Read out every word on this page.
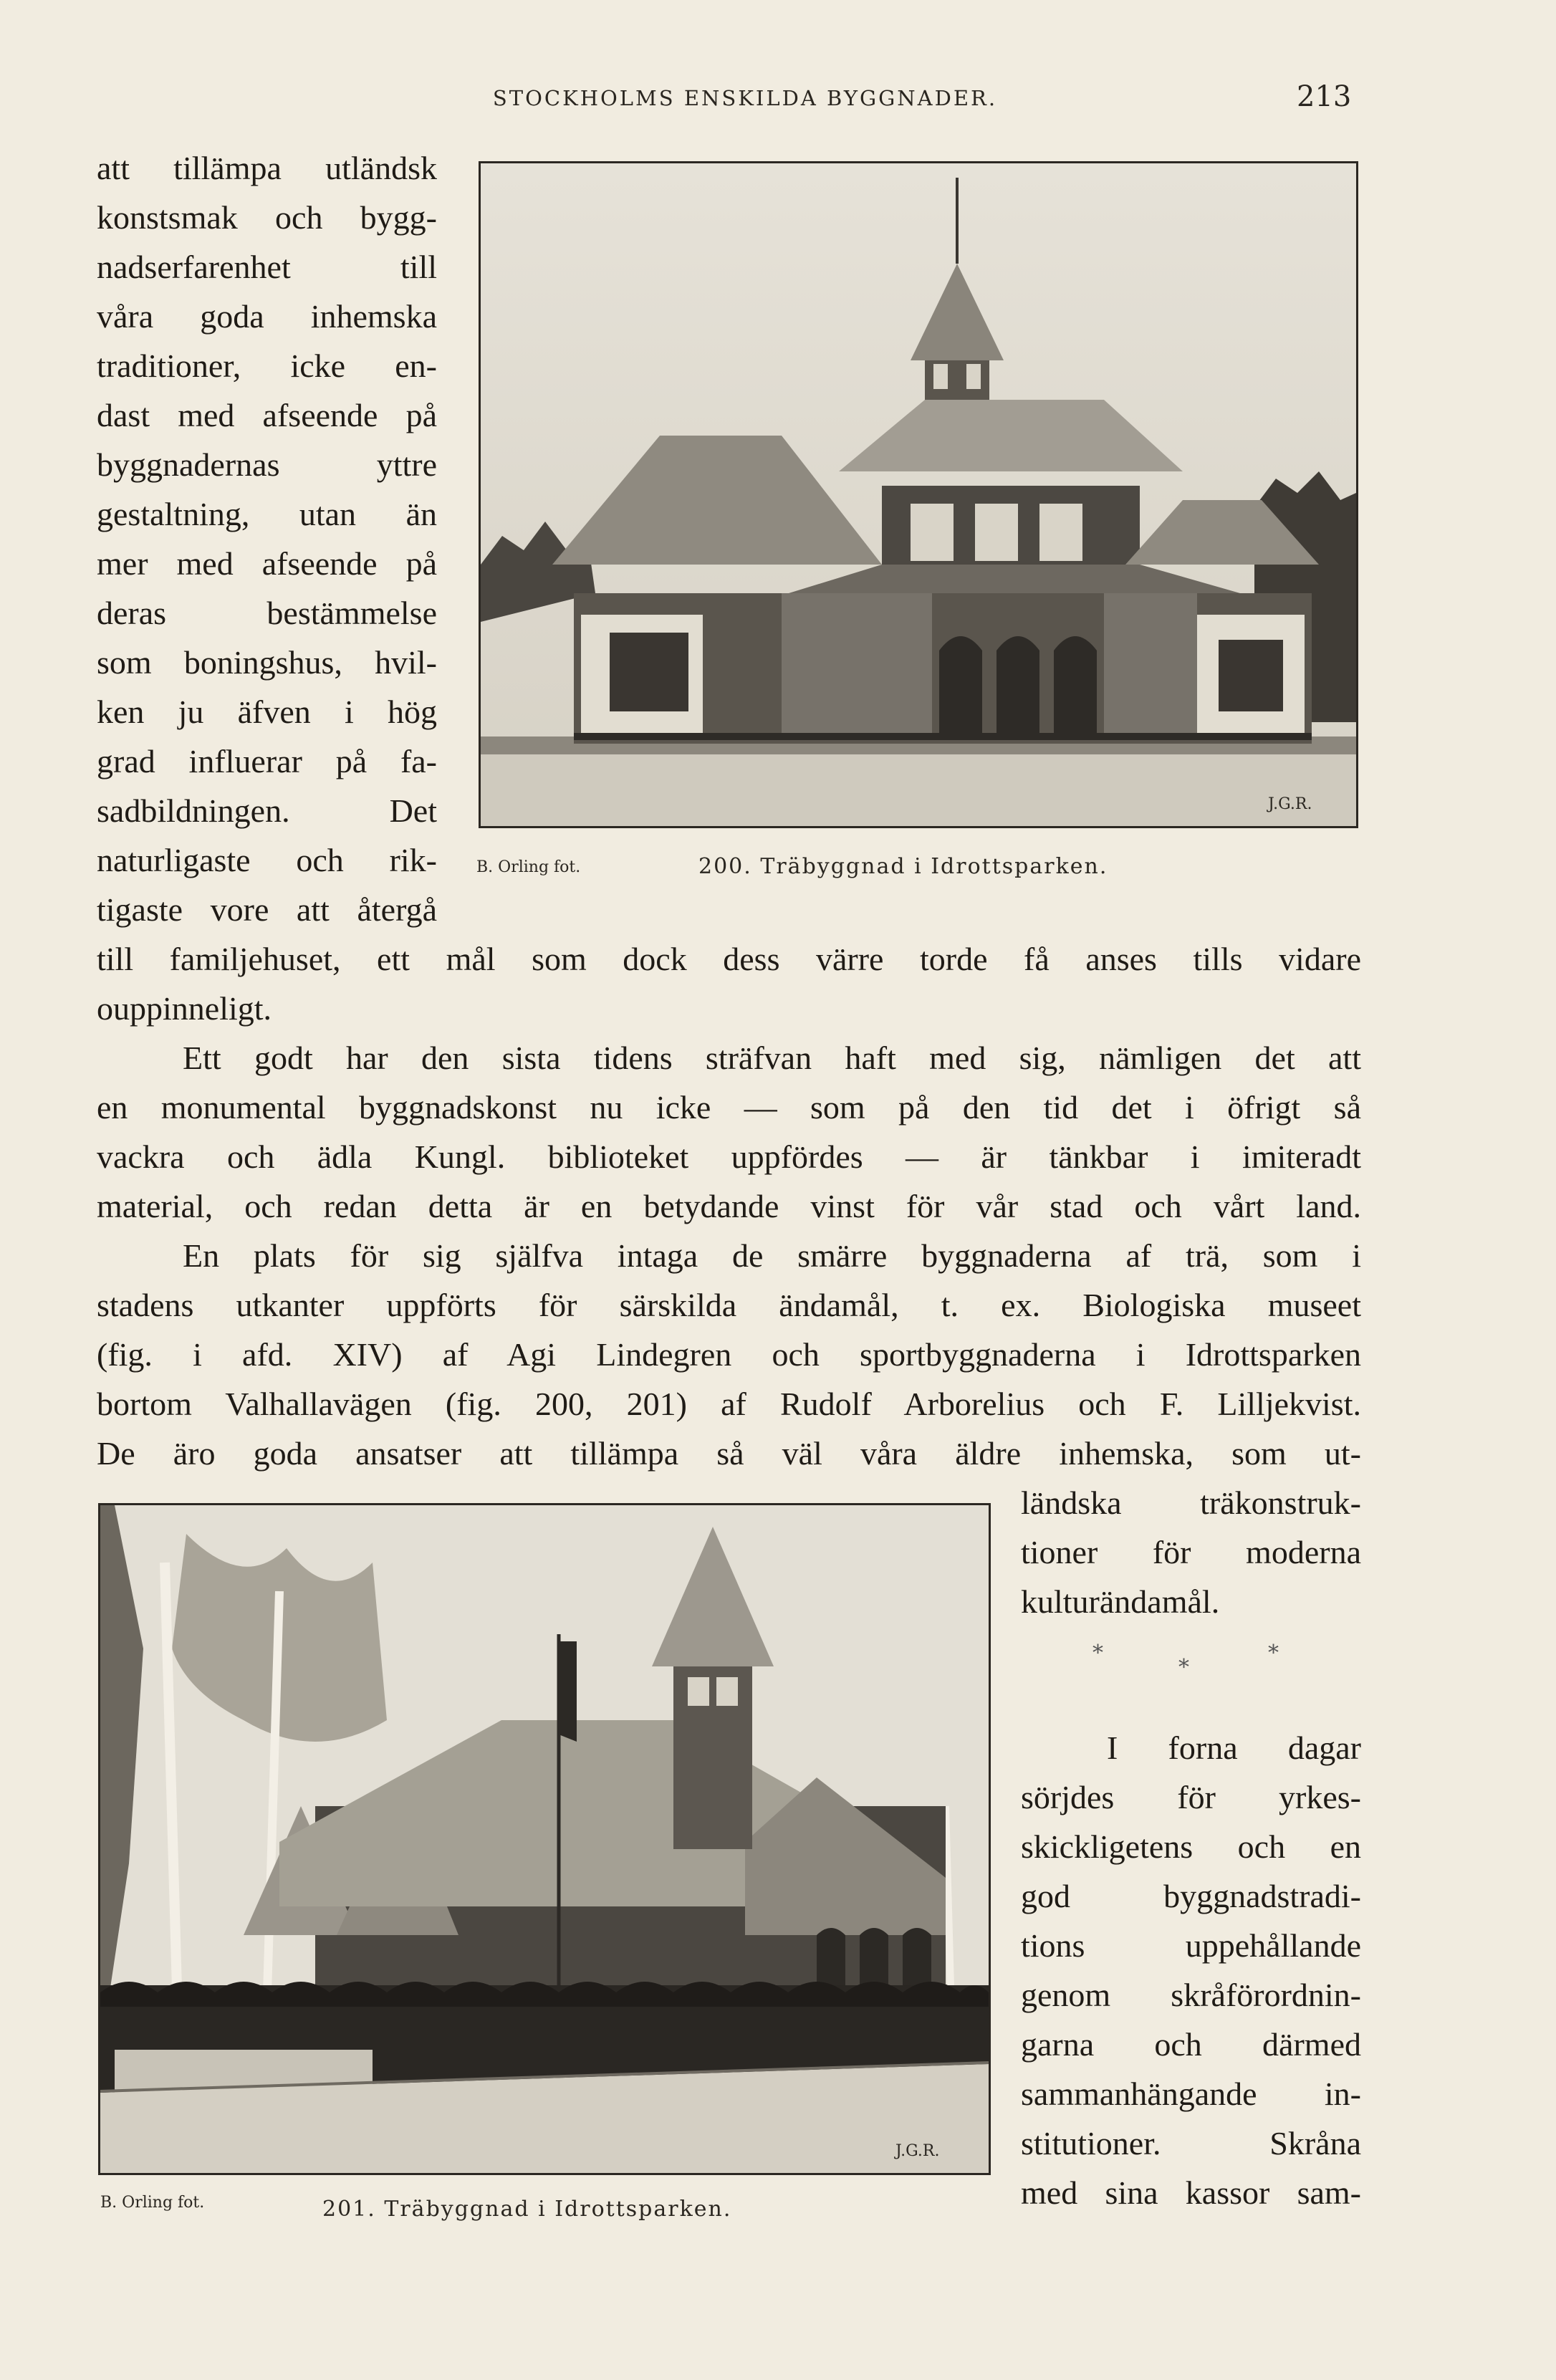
STOCKHOLMS ENSKILDA BYGGNADER.	213
att tillämpa utländsk
konstsmak och bygg-
nadserfarenhet till
våra goda inhemska
traditioner, icke en-
dast med afseende på
byggnadernas yttre
gestaltning, utan än
mer med afseende på
deras bestämmelse
som boningshus, hvil-
ken ju äfven i hög
grad influerar på fa-
sadbildningen. Det
naturligaste och rik-
tigaste vore att återgå
J.G.R.
B. Orling fot.	200. Träbyggnad i Idrottsparken.
till familjehuset, ett mål som dock dess värre torde få anses tills vidare
ouppinneligt.
Ett godt har den sista tidens sträfvan haft med sig, nämligen det att
en monumental byggnadskonst nu icke — som på den tid det i öfrigt så
vackra och ädla Kungl. biblioteket uppfördes — är tänkbar i imiteradt
material, och redan detta är en betydande vinst för vår stad och vårt land.
En plats för sig själfva intaga de smärre byggnaderna af trä, som i
stadens utkanter uppförts för särskilda ändamål, t. ex. Biologiska museet
(fig. i afd. XIV) af Agi Lindegren och sportbyggnaderna i Idrottsparken
bortom Valhallavägen (fig. 200, 201) af Rudolf Arborelius och F. Lilljekvist.
De äro goda ansatser att tillämpa så väl våra äldre inhemska, som ut-
J.G.R.
B. Orling fot.	201. Träbyggnad i Idrottsparken.
ländska träkonstruk-
tioner för moderna
kulturändamål.
*
*
*
I forna dagar
sörjdes för yrkes-
skickligetens och en
god byggnadstradi-
tions uppehållande
genom skråförordnin-
garna och därmed
sammanhängande in-
stitutioner. Skråna
med sina kassor sam-
